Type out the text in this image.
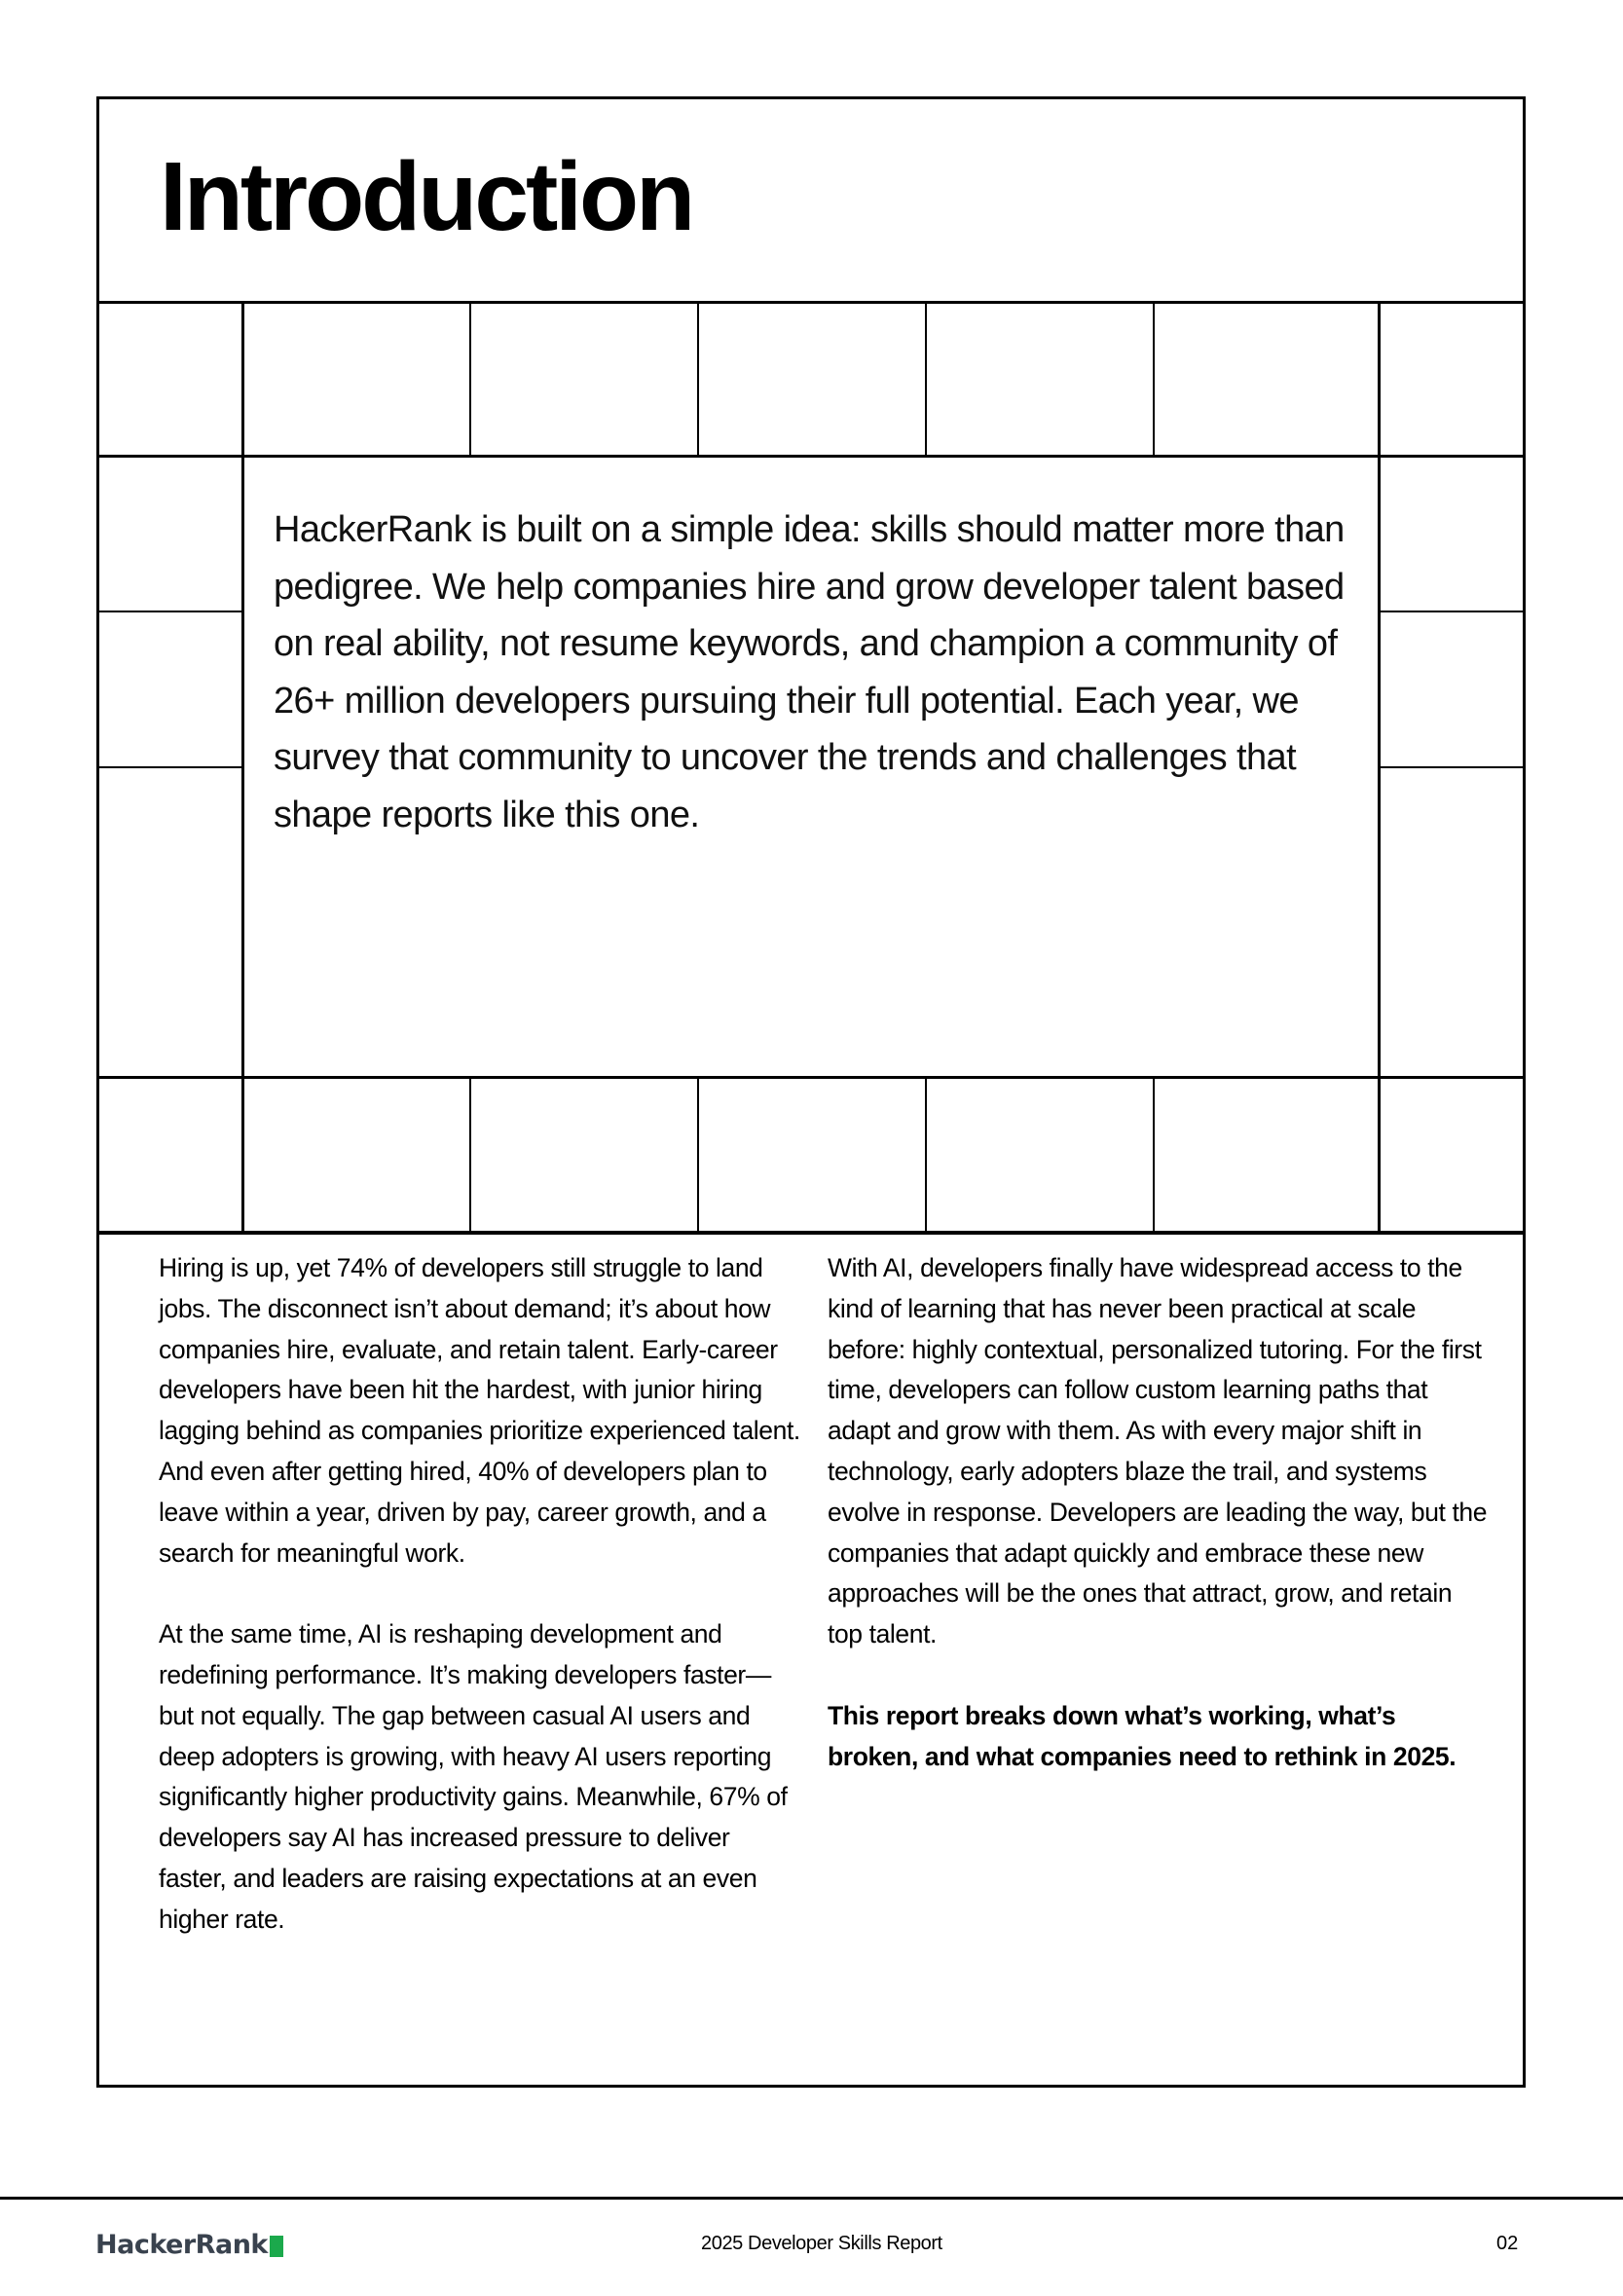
Introduction

HackerRank is built on a simple idea: skills should matter more than pedigree. We help companies hire and grow developer talent based on real ability, not resume keywords, and champion a community of 26+ million developers pursuing their full potential. Each year, we survey that community to uncover the trends and challenges that shape reports like this one.

Hiring is up, yet 74% of developers still struggle to land jobs. The disconnect isn’t about demand; it’s about how companies hire, evaluate, and retain talent. Early-career developers have been hit the hardest, with junior hiring lagging behind as companies prioritize experienced talent. And even after getting hired, 40% of developers plan to leave within a year, driven by pay, career growth, and a search for meaningful work.

At the same time, AI is reshaping development and redefining performance. It’s making developers faster—but not equally. The gap between casual AI users and deep adopters is growing, with heavy AI users reporting significantly higher productivity gains. Meanwhile, 67% of developers say AI has increased pressure to deliver faster, and leaders are raising expectations at an even higher rate.

With AI, developers finally have widespread access to the kind of learning that has never been practical at scale before: highly contextual, personalized tutoring. For the first time, developers can follow custom learning paths that adapt and grow with them. As with every major shift in technology, early adopters blaze the trail, and systems evolve in response. Developers are leading the way, but the companies that adapt quickly and embrace these new approaches will be the ones that attract, grow, and retain top talent.

This report breaks down what’s working, what’s broken, and what companies need to rethink in 2025.

HackerRank	2025 Developer Skills Report	02
